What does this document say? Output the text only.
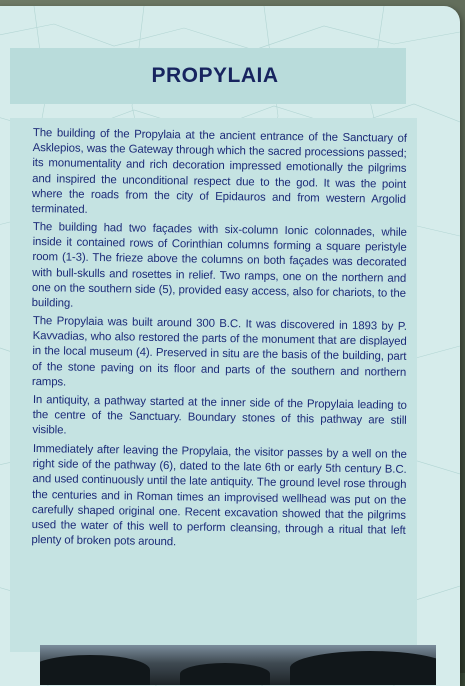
PROPYLAIA

The building of the Propylaia at the ancient entrance of the Sanctuary of Asklepios, was the Gateway through which the sacred processions passed; its monumentality and rich decoration impressed emotionally the pilgrims and inspired the unconditional respect due to the god. It was the point where the roads from the city of Epidauros and from western Argolid terminated.

The building had two façades with six-column Ionic colonnades, while inside it contained rows of Corinthian columns forming a square peristyle room (1-3). The frieze above the columns on both façades was decorated with bull-skulls and rosettes in relief. Two ramps, one on the northern and one on the southern side (5), provided easy access, also for chariots, to the building.

The Propylaia was built around 300 B.C. It was discovered in 1893 by P. Kavvadias, who also restored the parts of the monument that are displayed in the local museum (4). Preserved in situ are the basis of the building, part of the stone paving on its floor and parts of the southern and northern ramps.

In antiquity, a pathway started at the inner side of the Propylaia leading to the centre of the Sanctuary. Boundary stones of this pathway are still visible.

Immediately after leaving the Propylaia, the visitor passes by a well on the right side of the pathway (6), dated to the late 6th or early 5th century B.C. and used continuously until the late antiquity. The ground level rose through the centuries and in Roman times an improvised wellhead was put on the carefully shaped original one. Recent excavation showed that the pilgrims used the water of this well to perform cleansing, through a ritual that left plenty of broken pots around.
